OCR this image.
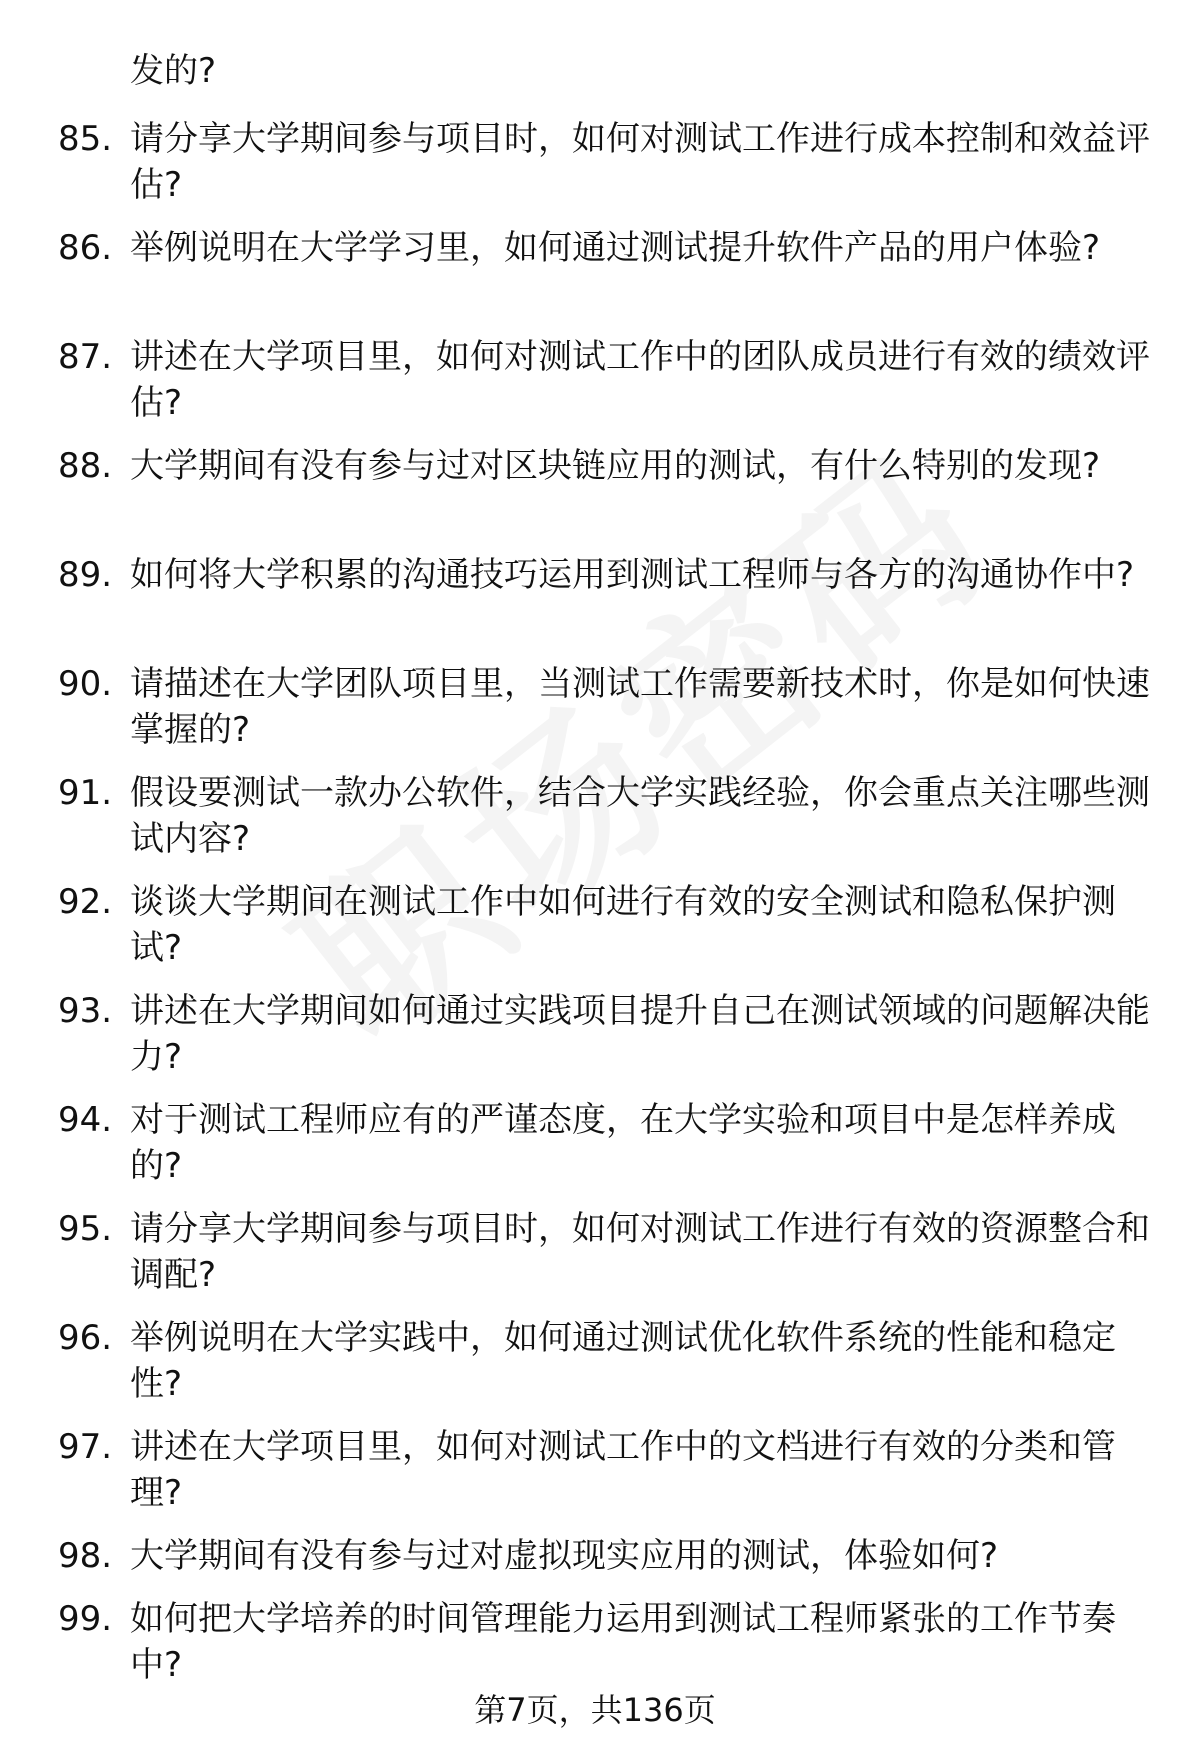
发的?
85. 请分享大学期间参与项目时，如何对测试工作进行成本控制和效益评估?
86. 举例说明在大学学习里，如何通过测试提升软件产品的用户体验?
87. 讲述在大学项目里，如何对测试工作中的团队成员进行有效的绩效评估?
88. 大学期间有没有参与过对区块链应用的测试，有什么特别的发现?
89. 如何将大学积累的沟通技巧运用到测试工程师与各方的沟通协作中?
90. 请描述在大学团队项目里，当测试工作需要新技术时，你是如何快速掌握的?
91. 假设要测试一款办公软件，结合大学实践经验，你会重点关注哪些测试内容?
92. 谈谈大学期间在测试工作中如何进行有效的安全测试和隐私保护测试?
93. 讲述在大学期间如何通过实践项目提升自己在测试领域的问题解决能力?
94. 对于测试工程师应有的严谨态度，在大学实验和项目中是怎样养成的?
95. 请分享大学期间参与项目时，如何对测试工作进行有效的资源整合和调配?
96. 举例说明在大学实践中，如何通过测试优化软件系统的性能和稳定性?
97. 讲述在大学项目里，如何对测试工作中的文档进行有效的分类和管理?
98. 大学期间有没有参与过对虚拟现实应用的测试，体验如何?
99. 如何把大学培养的时间管理能力运用到测试工程师紧张的工作节奏中?
第7页，共136页
